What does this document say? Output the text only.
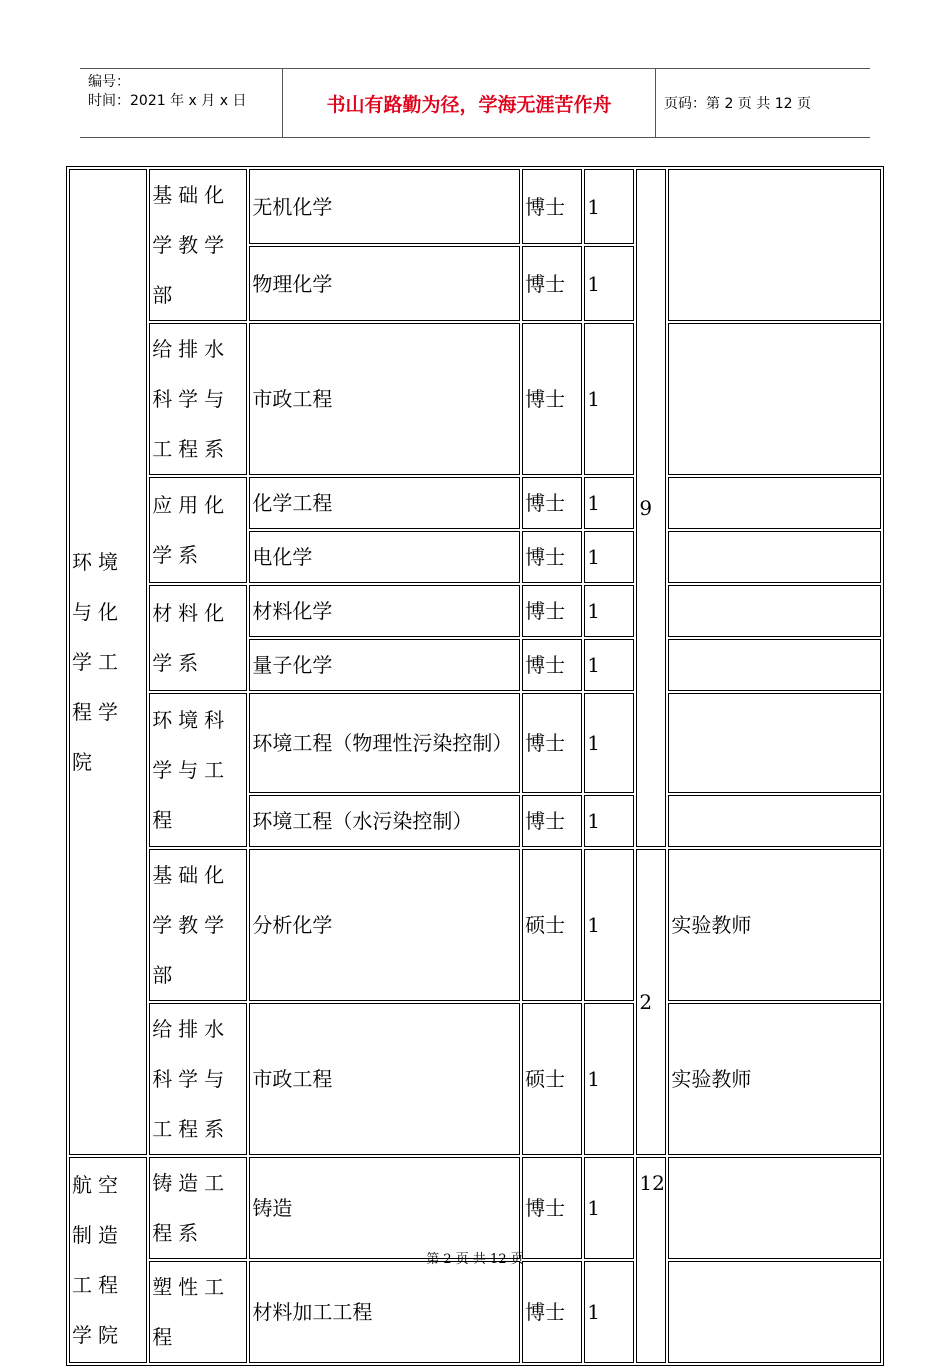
编号：
时间：2021 年 x 月 x 日	书山有路勤为径，学海无涯苦作舟	页码：第 2 页 共 12 页
环境与化学工程学院	基础化学教学部	无机化学	博士	1	9	
		物理化学	博士	1		
	给排水科学与工程系	市政工程	博士	1		
	应用化学系	化学工程	博士	1		
		电化学	博士	1		
	材料化学系	材料化学	博士	1		
		量子化学	博士	1		
	环境科学与工程	环境工程（物理性污染控制）	博士	1		
		环境工程（水污染控制）	博士	1		
	基础化学教学部	分析化学	硕士	1	2	实验教师
	给排水科学与工程系	市政工程	硕士	1		实验教师
航空制造工程学院	铸造工程系	铸造	博士	1	12	
	塑性工程	材料加工工程	博士	1		
第 2 页 共 12 页
